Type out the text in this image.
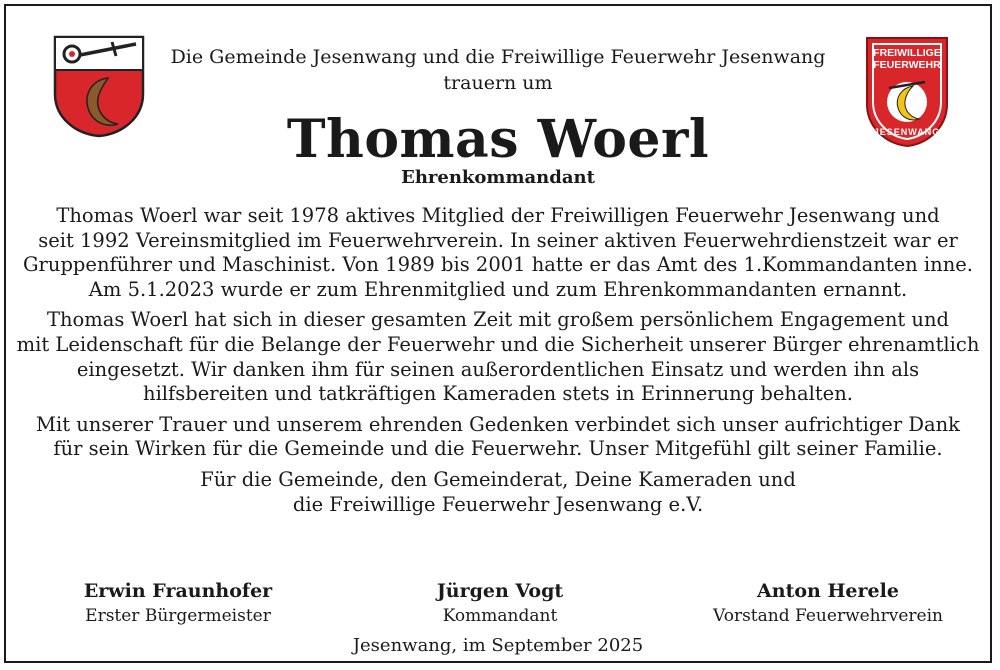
FREIWILLIGE
FEUERWEHR
JESENWANG
Die Gemeinde Jesenwang und die Freiwillige Feuerwehr Jesenwang
trauern um
Thomas Woerl
Ehrenkommandant

Thomas Woerl war seit 1978 aktives Mitglied der Freiwilligen Feuerwehr Jesenwang und
seit 1992 Vereinsmitglied im Feuerwehrverein. In seiner aktiven Feuerwehrdienstzeit war er
Gruppenführer und Maschinist. Von 1989 bis 2001 hatte er das Amt des 1.Kommandanten inne.
Am 5.1.2023 wurde er zum Ehrenmitglied und zum Ehrenkommandanten ernannt.

Thomas Woerl hat sich in dieser gesamten Zeit mit großem persönlichem Engagement und
mit Leidenschaft für die Belange der Feuerwehr und die Sicherheit unserer Bürger ehrenamtlich
eingesetzt. Wir danken ihm für seinen außerordentlichen Einsatz und werden ihn als
hilfsbereiten und tatkräftigen Kameraden stets in Erinnerung behalten.

Mit unserer Trauer und unserem ehrenden Gedenken verbindet sich unser aufrichtiger Dank
für sein Wirken für die Gemeinde und die Feuerwehr. Unser Mitgefühl gilt seiner Familie.

Für die Gemeinde, den Gemeinderat, Deine Kameraden und
die Freiwillige Feuerwehr Jesenwang e.V.

Erwin Fraunhofer
Erster Bürgermeister
Jürgen Vogt
Kommandant
Anton Herele
Vorstand Feuerwehrverein
Jesenwang, im September 2025
